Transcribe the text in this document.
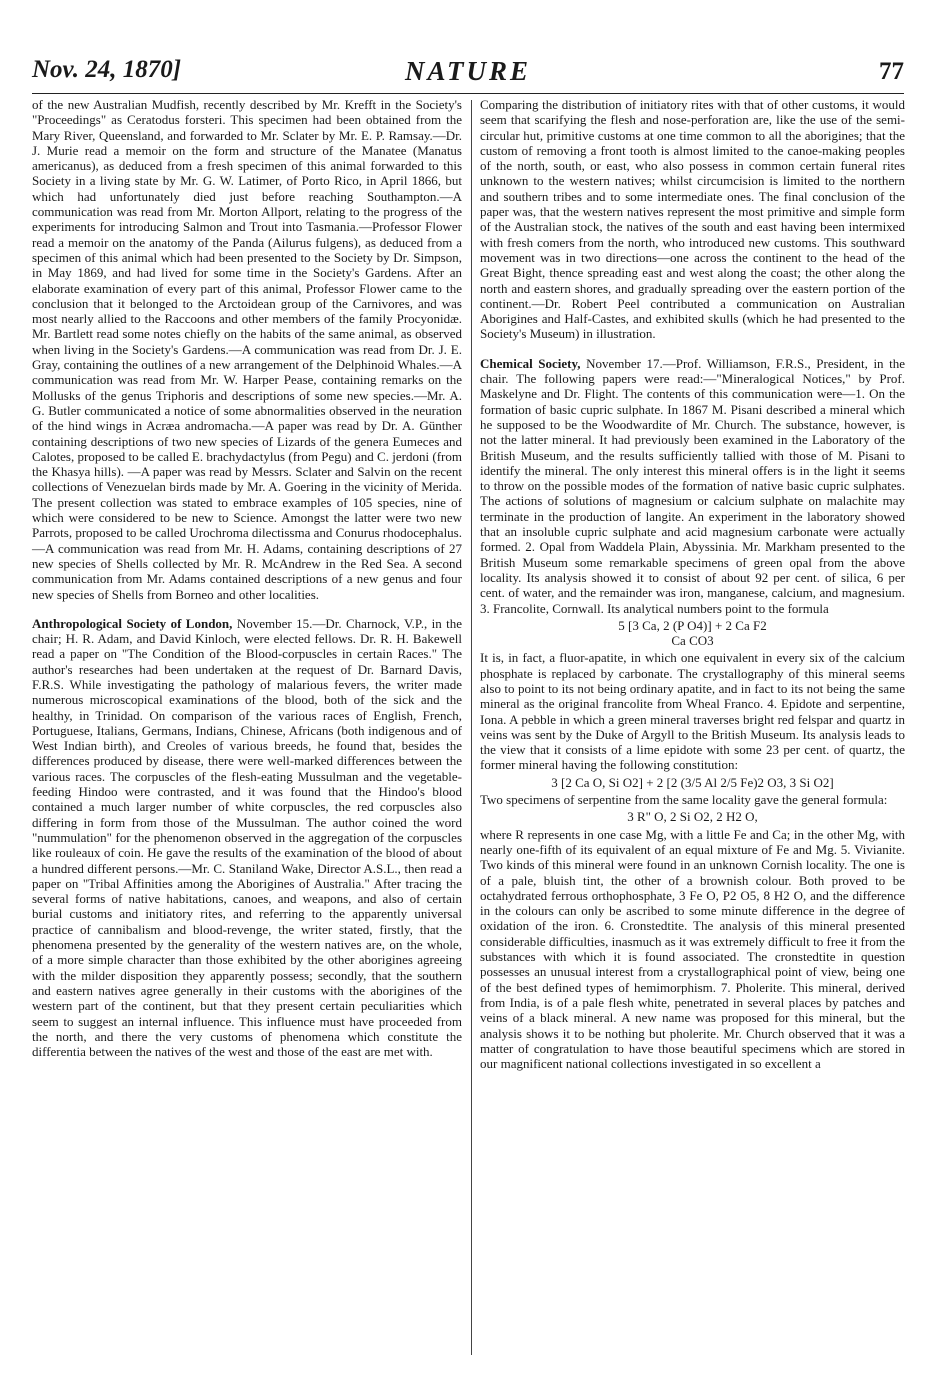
Nov. 24, 1870]	NATURE	77

of the new Australian Mudfish, recently described by Mr. Krefft in the Society's "Proceedings" as Ceratodus forsteri. This specimen had been obtained from the Mary River, Queensland, and forwarded to Mr. Sclater by Mr. E. P. Ramsay.—Dr. J. Murie read a memoir on the form and structure of the Manatee (Manatus americanus), as deduced from a fresh specimen of this animal forwarded to this Society in a living state by Mr. G. W. Latimer, of Porto Rico, in April 1866, but which had unfortunately died just before reaching Southampton.—A communication was read from Mr. Morton Allport, relating to the progress of the experiments for introducing Salmon and Trout into Tasmania.—Professor Flower read a memoir on the anatomy of the Panda (Ailurus fulgens), as deduced from a specimen of this animal which had been presented to the Society by Dr. Simpson, in May 1869, and had lived for some time in the Society's Gardens. After an elaborate examination of every part of this animal, Professor Flower came to the conclusion that it belonged to the Arctoidean group of the Carnivores, and was most nearly allied to the Raccoons and other members of the family Procyonidæ. Mr. Bartlett read some notes chiefly on the habits of the same animal, as observed when living in the Society's Gardens.—A communication was read from Dr. J. E. Gray, containing the outlines of a new arrangement of the Delphinoid Whales.—A communication was read from Mr. W. Harper Pease, containing remarks on the Mollusks of the genus Triphoris and descriptions of some new species.—Mr. A. G. Butler communicated a notice of some abnormalities observed in the neuration of the hind wings in Acræa andromacha.—A paper was read by Dr. A. Günther containing descriptions of two new species of Lizards of the genera Eumeces and Calotes, proposed to be called E. brachydactylus (from Pegu) and C. jerdoni (from the Khasya hills). —A paper was read by Messrs. Sclater and Salvin on the recent collections of Venezuelan birds made by Mr. A. Goering in the vicinity of Merida. The present collection was stated to embrace examples of 105 species, nine of which were considered to be new to Science. Amongst the latter were two new Parrots, proposed to be called Urochroma dilectissma and Conurus rhodocephalus.—A communication was read from Mr. H. Adams, containing descriptions of 27 new species of Shells collected by Mr. R. McAndrew in the Red Sea. A second communication from Mr. Adams contained descriptions of a new genus and four new species of Shells from Borneo and other localities.

Anthropological Society of London, November 15.—Dr. Charnock, V.P., in the chair; H. R. Adam, and David Kinloch, were elected fellows. Dr. R. H. Bakewell read a paper on "The Condition of the Blood-corpuscles in certain Races." The author's researches had been undertaken at the request of Dr. Barnard Davis, F.R.S. While investigating the pathology of malarious fevers, the writer made numerous microscopical examinations of the blood, both of the sick and the healthy, in Trinidad. On comparison of the various races of English, French, Portuguese, Italians, Germans, Indians, Chinese, Africans (both indigenous and of West Indian birth), and Creoles of various breeds, he found that, besides the differences produced by disease, there were well-marked differences between the various races. The corpuscles of the flesh-eating Mussulman and the vegetable-feeding Hindoo were contrasted, and it was found that the Hindoo's blood contained a much larger number of white corpuscles, the red corpuscles also differing in form from those of the Mussulman. The author coined the word "nummulation" for the phenomenon observed in the aggregation of the corpuscles like rouleaux of coin. He gave the results of the examination of the blood of about a hundred different persons.—Mr. C. Staniland Wake, Director A.S.L., then read a paper on "Tribal Affinities among the Aborigines of Australia." After tracing the several forms of native habitations, canoes, and weapons, and also of certain burial customs and initiatory rites, and referring to the apparently universal practice of cannibalism and blood-revenge, the writer stated, firstly, that the phenomena presented by the generality of the western natives are, on the whole, of a more simple character than those exhibited by the other aborigines agreeing with the milder disposition they apparently possess; secondly, that the southern and eastern natives agree generally in their customs with the aborigines of the western part of the continent, but that they present certain peculiarities which seem to suggest an internal influence. This influence must have proceeded from the north, and there the very customs of phenomena which constitute the differentia between the natives of the west and those of the east are met with.

Comparing the distribution of initiatory rites with that of other customs, it would seem that scarifying the flesh and nose-perforation are, like the use of the semi-circular hut, primitive customs at one time common to all the aborigines; that the custom of removing a front tooth is almost limited to the canoe-making peoples of the north, south, or east, who also possess in common certain funeral rites unknown to the western natives; whilst circumcision is limited to the northern and southern tribes and to some intermediate ones. The final conclusion of the paper was, that the western natives represent the most primitive and simple form of the Australian stock, the natives of the south and east having been intermixed with fresh comers from the north, who introduced new customs. This southward movement was in two directions—one across the continent to the head of the Great Bight, thence spreading east and west along the coast; the other along the north and eastern shores, and gradually spreading over the eastern portion of the continent.—Dr. Robert Peel contributed a communication on Australian Aborigines and Half-Castes, and exhibited skulls (which he had presented to the Society's Museum) in illustration.

Chemical Society, November 17.—Prof. Williamson, F.R.S., President, in the chair. The following papers were read:—"Mineralogical Notices," by Prof. Maskelyne and Dr. Flight. The contents of this communication were—1. On the formation of basic cupric sulphate. In 1867 M. Pisani described a mineral which he supposed to be the Woodwardite of Mr. Church. The substance, however, is not the latter mineral. It had previously been examined in the Laboratory of the British Museum, and the results sufficiently tallied with those of M. Pisani to identify the mineral. The only interest this mineral offers is in the light it seems to throw on the possible modes of the formation of native basic cupric sulphates. The actions of solutions of magnesium or calcium sulphate on malachite may terminate in the production of langite. An experiment in the laboratory showed that an insoluble cupric sulphate and acid magnesium carbonate were actually formed. 2. Opal from Waddela Plain, Abyssinia. Mr. Markham presented to the British Museum some remarkable specimens of green opal from the above locality. Its analysis showed it to consist of about 92 per cent. of silica, 6 per cent. of water, and the remainder was iron, manganese, calcium, and magnesium. 3. Francolite, Cornwall. Its analytical numbers point to the formula

5 [3 Ca, 2 (P O4)] + 2 Ca F2
Ca CO3

It is, in fact, a fluor-apatite, in which one equivalent in every six of the calcium phosphate is replaced by carbonate. The crystallography of this mineral seems also to point to its not being ordinary apatite, and in fact to its not being the same mineral as the original francolite from Wheal Franco. 4. Epidote and serpentine, Iona. A pebble in which a green mineral traverses bright red felspar and quartz in veins was sent by the Duke of Argyll to the British Museum. Its analysis leads to the view that it consists of a lime epidote with some 23 per cent. of quartz, the former mineral having the following constitution:

3 [2 Ca O, Si O2] + 2 [2 (3/5 Al 2/5 Fe)2 O3, 3 Si O2]

Two specimens of serpentine from the same locality gave the general formula:

3 R" O, 2 Si O2, 2 H2 O,

where R represents in one case Mg, with a little Fe and Ca; in the other Mg, with nearly one-fifth of its equivalent of an equal mixture of Fe and Mg. 5. Vivianite. Two kinds of this mineral were found in an unknown Cornish locality. The one is of a pale, bluish tint, the other of a brownish colour. Both proved to be octahydrated ferrous orthophosphate, 3 Fe O, P2 O5, 8 H2 O, and the difference in the colours can only be ascribed to some minute difference in the degree of oxidation of the iron. 6. Cronstedtite. The analysis of this mineral presented considerable difficulties, inasmuch as it was extremely difficult to free it from the substances with which it is found associated. The cronstedtite in question possesses an unusual interest from a crystallographical point of view, being one of the best defined types of hemimorphism. 7. Pholerite. This mineral, derived from India, is of a pale flesh white, penetrated in several places by patches and veins of a black mineral. A new name was proposed for this mineral, but the analysis shows it to be nothing but pholerite. Mr. Church observed that it was a matter of congratulation to have those beautiful specimens which are stored in our magnificent national collections investigated in so excellent a
